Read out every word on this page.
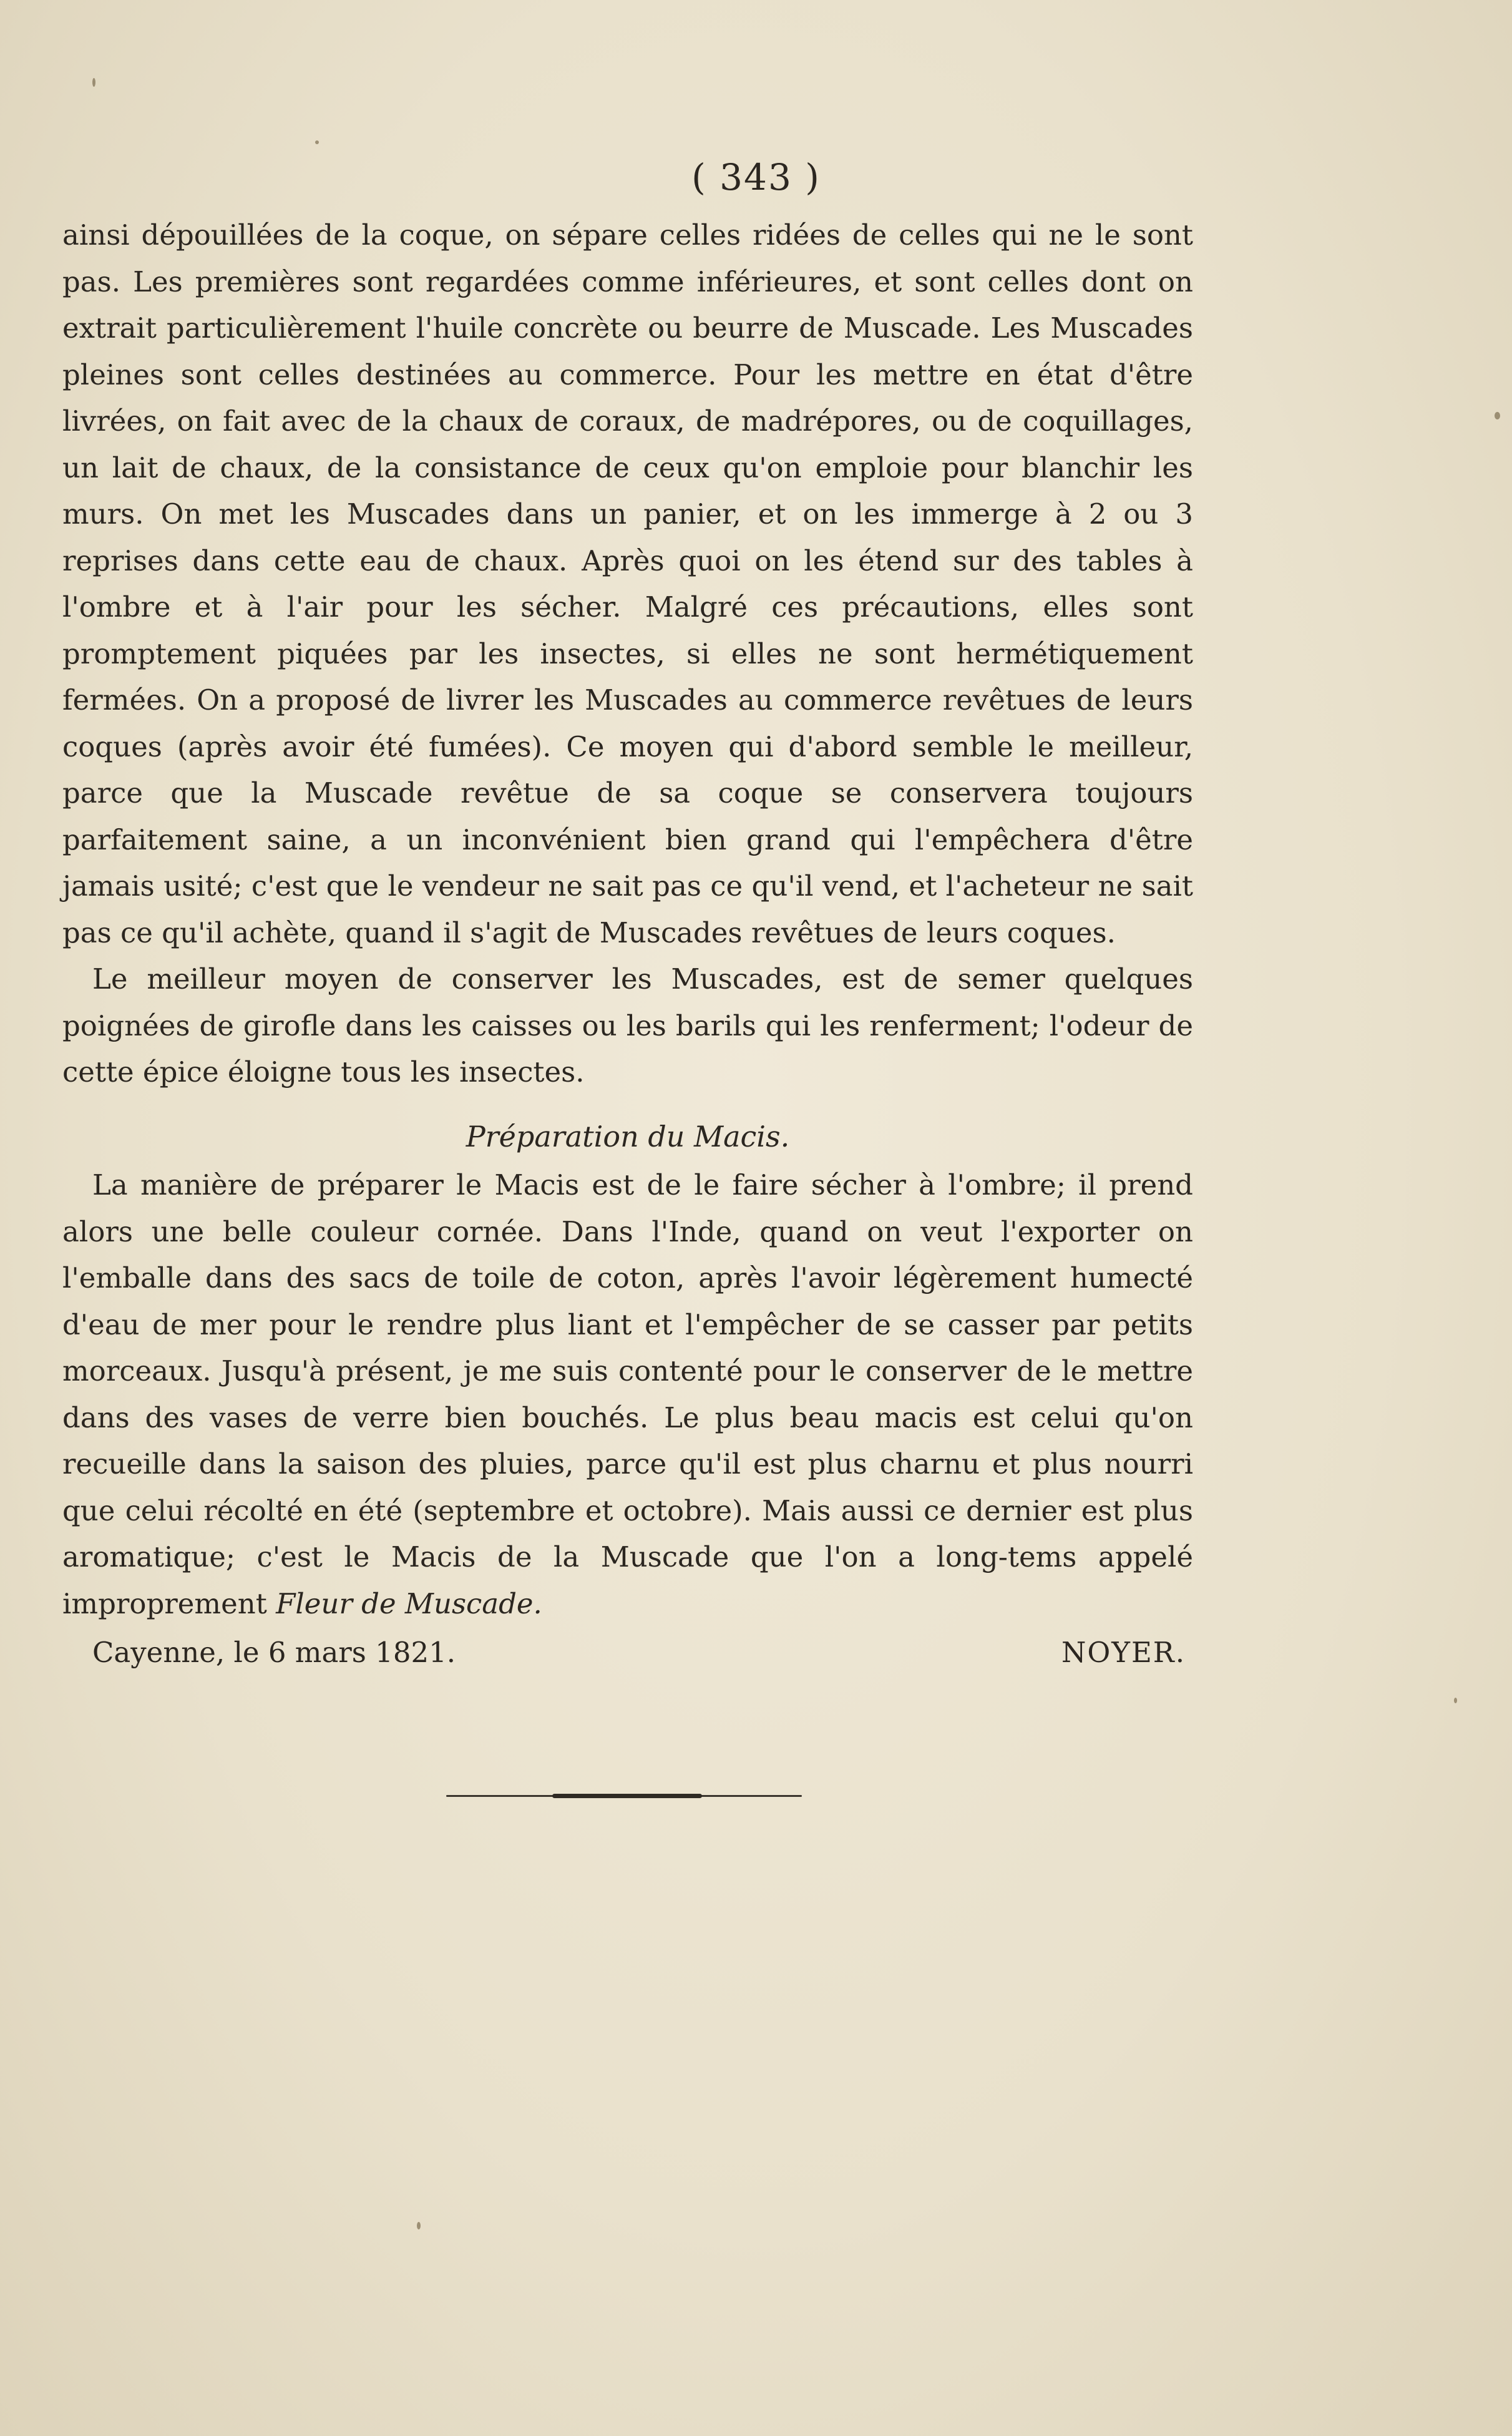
( 343 )

ainsi dépouillées de la coque, on sépare celles ridées de celles qui ne le sont pas. Les premières sont regardées comme inférieures, et sont celles dont on extrait particulièrement l'huile concrète ou beurre de Muscade. Les Muscades pleines sont celles destinées au commerce. Pour les mettre en état d'être livrées, on fait avec de la chaux de coraux, de madrépores, ou de coquillages, un lait de chaux, de la consistance de ceux qu'on emploie pour blanchir les murs. On met les Muscades dans un panier, et on les immerge à 2 ou 3 reprises dans cette eau de chaux. Après quoi on les étend sur des tables à l'ombre et à l'air pour les sécher. Malgré ces précautions, elles sont promptement piquées par les insectes, si elles ne sont hermétiquement fermées. On a proposé de livrer les Muscades au commerce revêtues de leurs coques (après avoir été fumées). Ce moyen qui d'abord semble le meilleur, parce que la Muscade revêtue de sa coque se conservera toujours parfaitement saine, a un inconvénient bien grand qui l'empêchera d'être jamais usité; c'est que le vendeur ne sait pas ce qu'il vend, et l'acheteur ne sait pas ce qu'il achète, quand il s'agit de Muscades revêtues de leurs coques.

Le meilleur moyen de conserver les Muscades, est de semer quelques poignées de girofle dans les caisses ou les barils qui les renferment; l'odeur de cette épice éloigne tous les insectes.

Préparation du Macis.

La manière de préparer le Macis est de le faire sécher à l'ombre; il prend alors une belle couleur cornée. Dans l'Inde, quand on veut l'exporter on l'emballe dans des sacs de toile de coton, après l'avoir légèrement humecté d'eau de mer pour le rendre plus liant et l'empêcher de se casser par petits morceaux. Jusqu'à présent, je me suis contenté pour le conserver de le mettre dans des vases de verre bien bouchés. Le plus beau macis est celui qu'on recueille dans la saison des pluies, parce qu'il est plus charnu et plus nourri que celui récolté en été (septembre et octobre). Mais aussi ce dernier est plus aromatique; c'est le Macis de la Muscade que l'on a long-tems appelé improprement Fleur de Muscade.

Cayenne, le 6 mars 1821.	NOYER.
